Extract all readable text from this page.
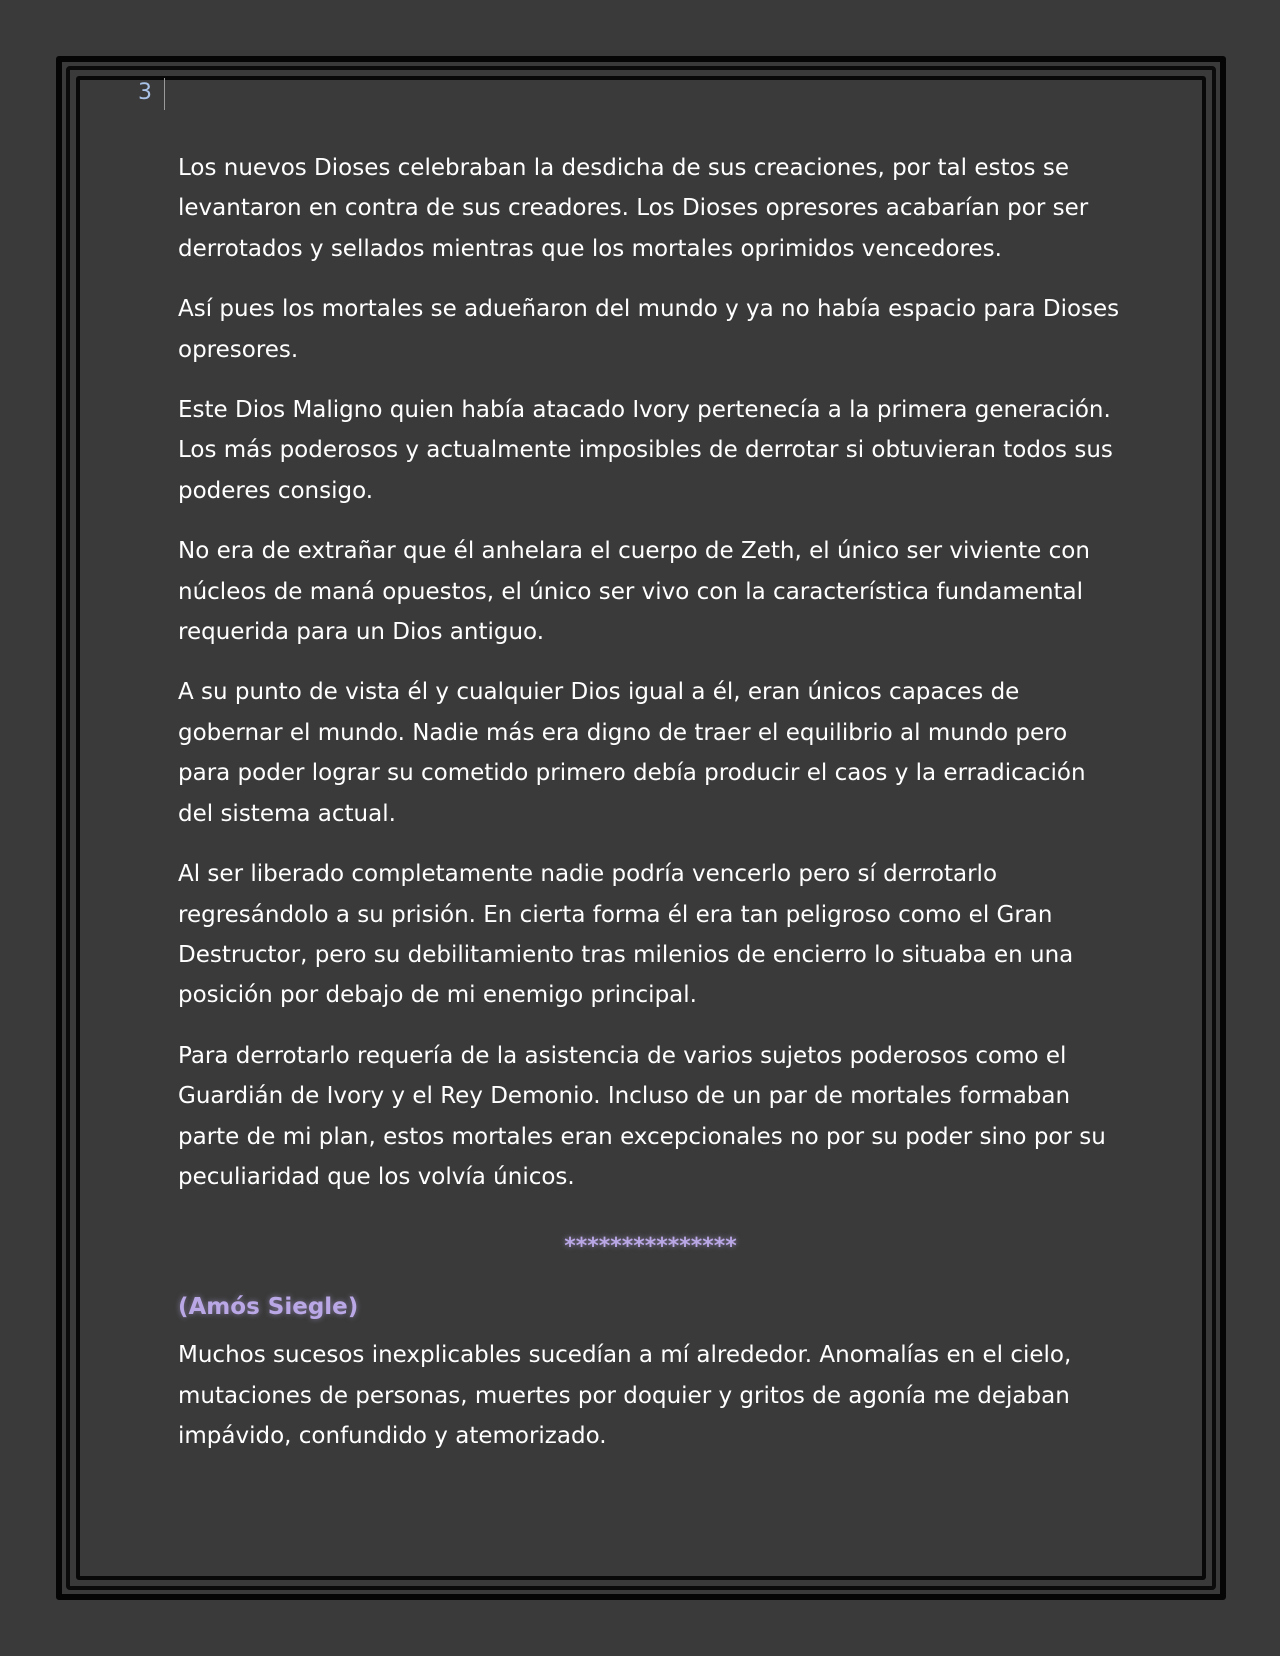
3

Los nuevos Dioses celebraban la desdicha de sus creaciones, por tal estos se levantaron en contra de sus creadores. Los Dioses opresores acabarían por ser derrotados y sellados mientras que los mortales oprimidos vencedores.

Así pues los mortales se adueñaron del mundo y ya no había espacio para Dioses opresores.

Este Dios Maligno quien había atacado Ivory pertenecía a la primera generación. Los más poderosos y actualmente imposibles de derrotar si obtuvieran todos sus poderes consigo.

No era de extrañar que él anhelara el cuerpo de Zeth, el único ser viviente con núcleos de maná opuestos, el único ser vivo con la característica fundamental requerida para un Dios antiguo.

A su punto de vista él y cualquier Dios igual a él, eran únicos capaces de gobernar el mundo. Nadie más era digno de traer el equilibrio al mundo pero para poder lograr su cometido primero debía producir el caos y la erradicación del sistema actual.

Al ser liberado completamente nadie podría vencerlo pero sí derrotarlo regresándolo a su prisión. En cierta forma él era tan peligroso como el Gran Destructor, pero su debilitamiento tras milenios de encierro lo situaba en una posición por debajo de mi enemigo principal.

Para derrotarlo requería de la asistencia de varios sujetos poderosos como el Guardián de Ivory y el Rey Demonio. Incluso de un par de mortales formaban parte de mi plan, estos mortales eran excepcionales no por su poder sino por su peculiaridad que los volvía únicos.

***************
(Amós Siegle)

Muchos sucesos inexplicables sucedían a mí alrededor. Anomalías en el cielo, mutaciones de personas, muertes por doquier y gritos de agonía me dejaban impávido, confundido y atemorizado.
